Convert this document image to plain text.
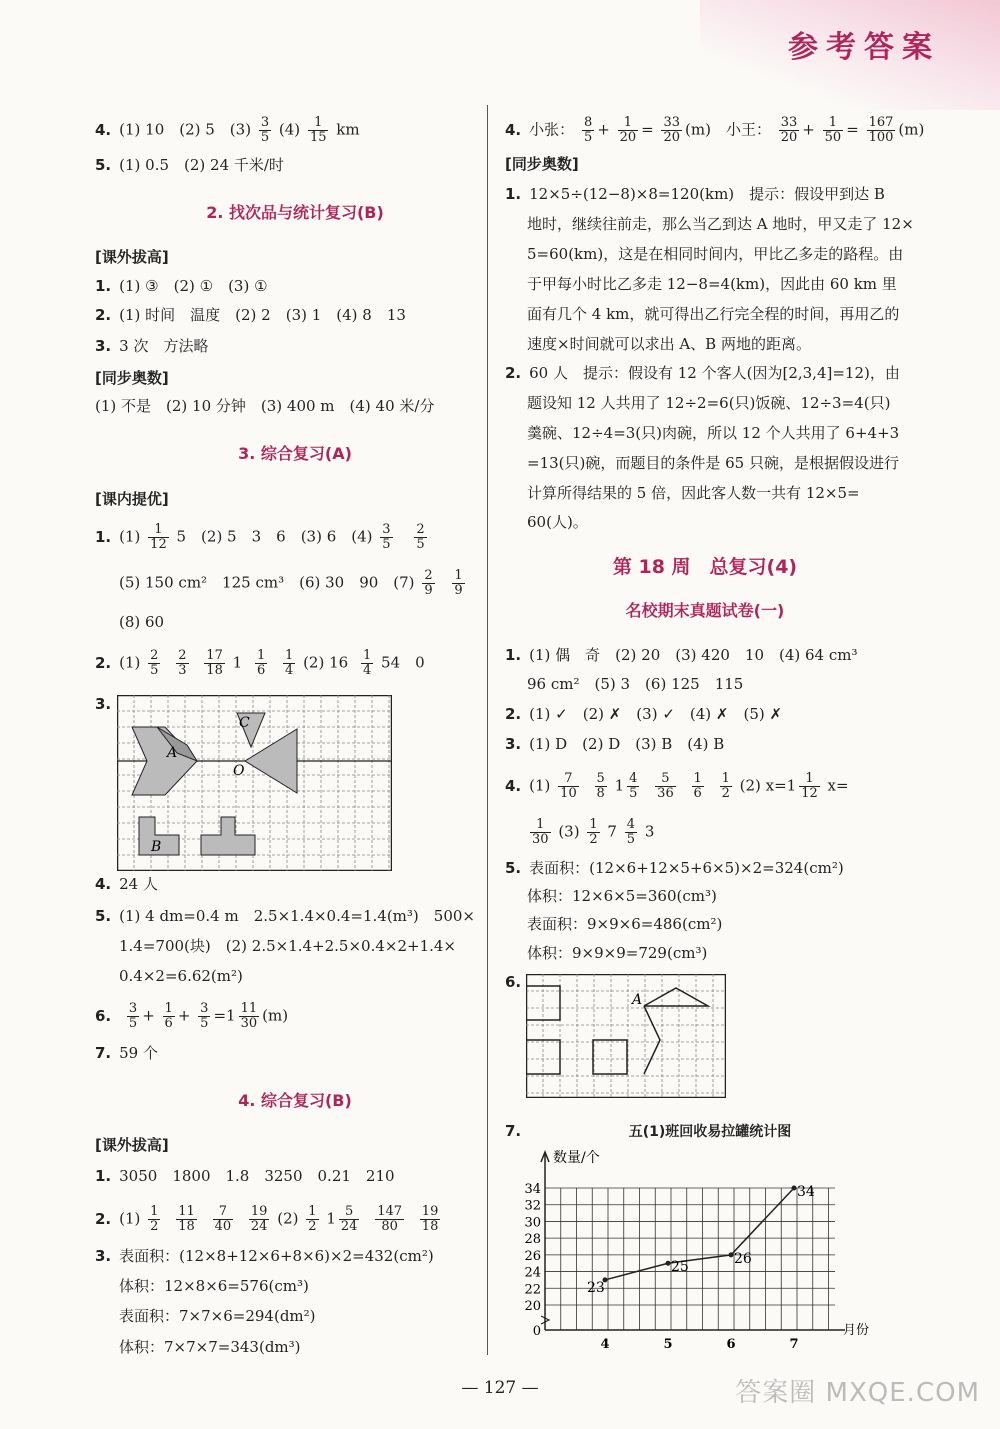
参考答案
4. (1) 10　(2) 5　$(3) \frac{3}{5} (4) \frac{1}{15}$ km
5. (1) 0.5　(2) 24 千米/时
2. 找次品与统计复习(B)
[课外拔高]
1. (1) ③　(2) ①　(3) ①
2. (1) 时间　温度　(2) 2　(3) 1　(4) 8　13
3. 3 次　方法略
[同步奥数]
(1) 不是　(2) 10 分钟　(3) 400 m　(4) 40 米/分
3. 综合复习(A)
[课内提优]
1. $(1) \frac{1}{12} 5$　(2) 5　3　6　(3) 6　$(4) \frac{3}{5}$
$\frac{2}{5}$
(5) 150 cm²　125 cm³　(6) 30　90　$(7) \frac{2}{9}$
$\frac{1}{9}$
(8) 60
2. $(1) \frac{2}{5}$
$\frac{2}{3}$
$\frac{17}{18} 1 \frac{1}{6}$
$\frac{1}{4} (2)$ $16 \frac{1}{4} 54$　0
3.
A
B
C
O
4. 24 人
5. (1) 4 dm=0.4 m　2.5×1.4×0.4=1.4(m³)　500×
1.4=700(块)　(2) 2.5×1.4+2.5×0.4×2+1.4×
0.4×2=6.62(m²)
6. $\frac{3}{5} + \frac{1}{6} + \frac{3}{5} =1 \frac{11}{30} (m)$
7. 59 个
4. 综合复习(B)
[课外拔高]
1. 3050　1800　1.8　3250　0.21　210
2. $(1) \frac{1}{2}$
$\frac{11}{18}$
$\frac{7}{40}$
$\frac{19}{24} (2) \frac{1}{2} 1 \frac{5}{24}$
$\frac{147}{80}$
$\frac{19}{18}$
3. 表面积：(12×8+12×6+8×6)×2=432(cm²)
体积：12×8×6=576(cm³)
表面积：7×7×6=294(dm²)
体积：7×7×7=343(dm³)
4. 小张： $\frac{8}{5} + \frac{1}{20} = \frac{33}{20} (m)$　小王： $\frac{33}{20} + \frac{1}{50} = \frac{167}{100} (m)$
[同步奥数]
1. 12×5÷(12−8)×8=120(km)　提示：假设甲到达 B
地时，继续往前走，那么当乙到达 A 地时，甲又走了 12×
5=60(km)，这是在相同时间内，甲比乙多走的路程。由
于甲每小时比乙多走 12−8=4(km)，因此由 60 km 里
面有几个 4 km，就可得出乙行完全程的时间，再用乙的
速度×时间就可以求出 A、B 两地的距离。
2. 60 人　提示：假设有 12 个客人(因为[2,3,4]=12)，由
题设知 12 人共用了 12÷2=6(只)饭碗、12÷3=4(只)
羹碗、12÷4=3(只)肉碗，所以 12 个人共用了 6+4+3
=13(只)碗，而题目的条件是 65 只碗，是根据假设进行
计算所得结果的 5 倍，因此客人数一共有 12×5=
60(人)。
第 18 周　总复习(4)
名校期末真题试卷(一)
1. (1) 偶　奇　(2) 20　(3) 420　10　(4) 64 cm³
96 cm²　(5) 3　(6) 125　115
2. (1) ✓　(2) ✗　(3) ✓　(4) ✗　(5) ✗
3. (1) D　(2) D　(3) B　(4) B
4. $(1) \frac{7}{10}$
$\frac{5}{8} 1 \frac{4}{5}$
$\frac{5}{36}$
$\frac{1}{6}$
$\frac{1}{2} (2)$ $x=1 \frac{1}{12} x=$
$\frac{1}{30} (3) \frac{1}{2} 7 \frac{4}{5} 3$
5. 表面积：(12×6+12×5+6×5)×2=324(cm²)
体积：12×6×5=360(cm³)
表面积：9×9×6=486(cm²)
体积：9×9×9=729(cm³)
6.
A
7.	五(1)班回收易拉罐统计图
0
20
22
24
26
28
30
32
34
4	5	6	7
数量/个
月份
23
25
26
34
— 127 —	答案圈 MXQE.COM
